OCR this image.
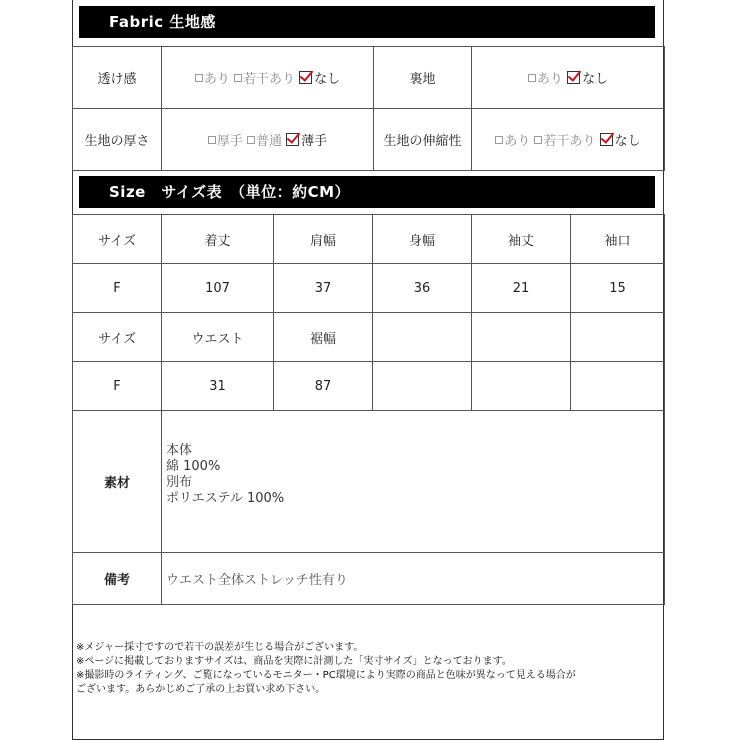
Fabric 生地感
透け感	あり 若干あり なし	裏地	あり なし
生地の厚さ	厚手 普通 薄手	生地の伸縮性	あり 若干あり なし
Size　サイズ表　（単位：約CM）
サイズ	着丈	肩幅	身幅	袖丈	袖口
F	107	37	36	21	15
サイズ	ウエスト	裾幅			
F	31	87			
素材	本体
綿 100%
別布
ポリエステル 100%

備考	ウエスト全体ストレッチ性有り
※メジャー採寸ですので若干の誤差が生じる場合がございます。
※ページに掲載しておりますサイズは、商品を実際に計測した「実寸サイズ」となっております。
※撮影時のライティング、ご覧になっているモニター・PC環境により実際の商品と色味が異なって見える場合が
ございます。あらかじめご了承の上お買い求め下さい。
